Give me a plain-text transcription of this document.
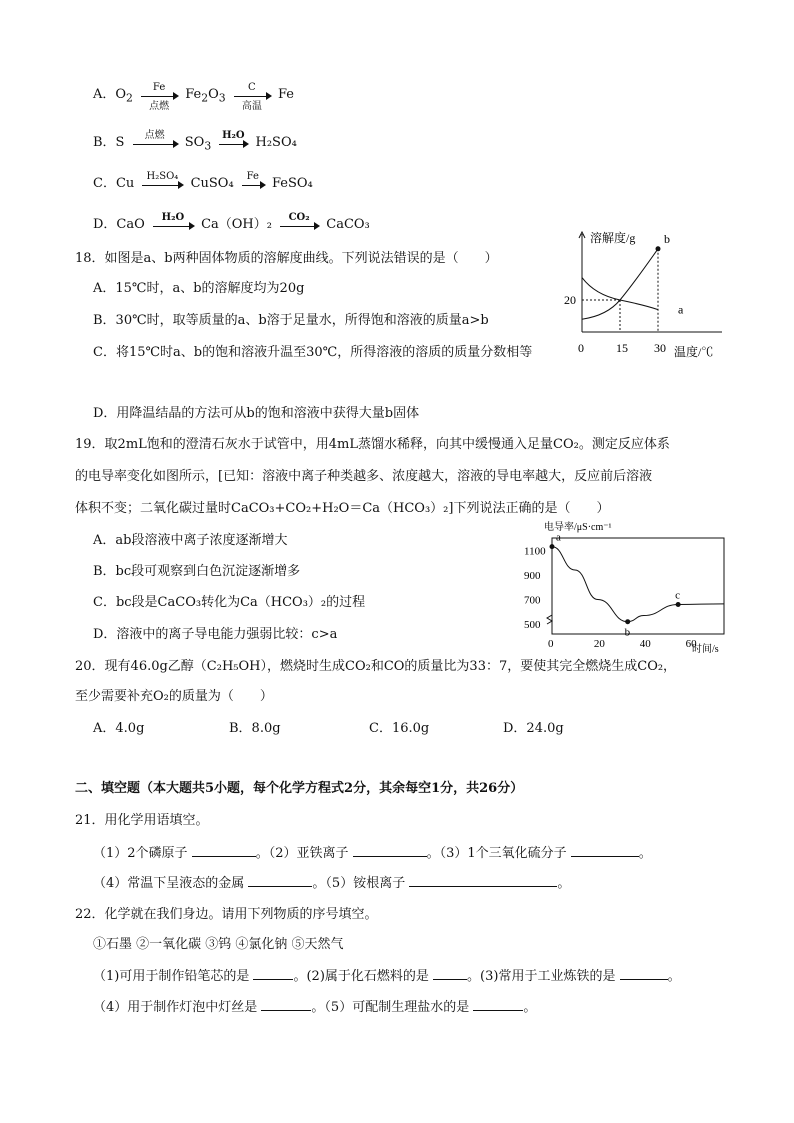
A．$O_2$
Fe
点燃
$Fe_2O_3$
C
高温
Fe
B．S	点燃	$SO_3$
H₂O H₂SO₄
C．Cu	H₂SO₄ CuSO₄	Fe FeSO₄
D．CaO	H₂O	Ca（OH）₂	CO₂	CaCO₃
18．如图是a、b两种固体物质的溶解度曲线。下列说法错误的是（　　）
A．15℃时，a、b的溶解度均为20g
B．30℃时，取等质量的a、b溶于足量水，所得饱和溶液的质量a>b
C．将15℃时a、b的饱和溶液升温至30℃，所得溶液的溶质的质量分数相等
D．用降温结晶的方法可从b的饱和溶液中获得大量b固体
溶解度/g
温度/℃
0	15 30
20
a
b
19．取2mL饱和的澄清石灰水于试管中，用4mL蒸馏水稀释，向其中缓慢通入足量CO₂。测定反应体系
的电导率变化如图所示，[已知：溶液中离子种类越多、浓度越大，溶液的导电率越大，反应前后溶液
体积不变；二氧化碳过量时CaCO₃+CO₂+H₂O＝Ca（HCO₃）₂]下列说法正确的是（　　）
A．ab段溶液中离子浓度逐渐增大
B．bc段可观察到白色沉淀逐渐增多
C．bc段是CaCO₃转化为Ca（HCO₃）₂的过程
D．溶液中的离子导电能力强弱比较：c>a
电导率/μS·cm⁻¹
时间/s
0	20	40	60
1100
900
700
500
a
b
c
20．现有46.0g乙醇（C₂H₅OH），燃烧时生成CO₂和CO的质量比为33：7，要使其完全燃烧生成CO₂，
至少需要补充O₂的质量为（　　）
A．4.0g	B．8.0g	C．16.0g	D．24.0g
二、填空题（本大题共5小题，每个化学方程式2分，其余每空1分，共26分）
21．用化学用语填空。
（1）2个磷原子	。（2）亚铁离子	。（3）1个三氧化硫分子	。
（4）常温下呈液态的金属	。（5）铵根离子	。
22．化学就在我们身边。请用下列物质的序号填空。
①石墨 ②一氧化碳 ③钨 ④氯化钠 ⑤天然气
（1)可用于制作铅笔芯的是	。(2)属于化石燃料的是	。(3)常用于工业炼铁的是	。
（4）用于制作灯泡中灯丝是	。（5）可配制生理盐水的是	。
